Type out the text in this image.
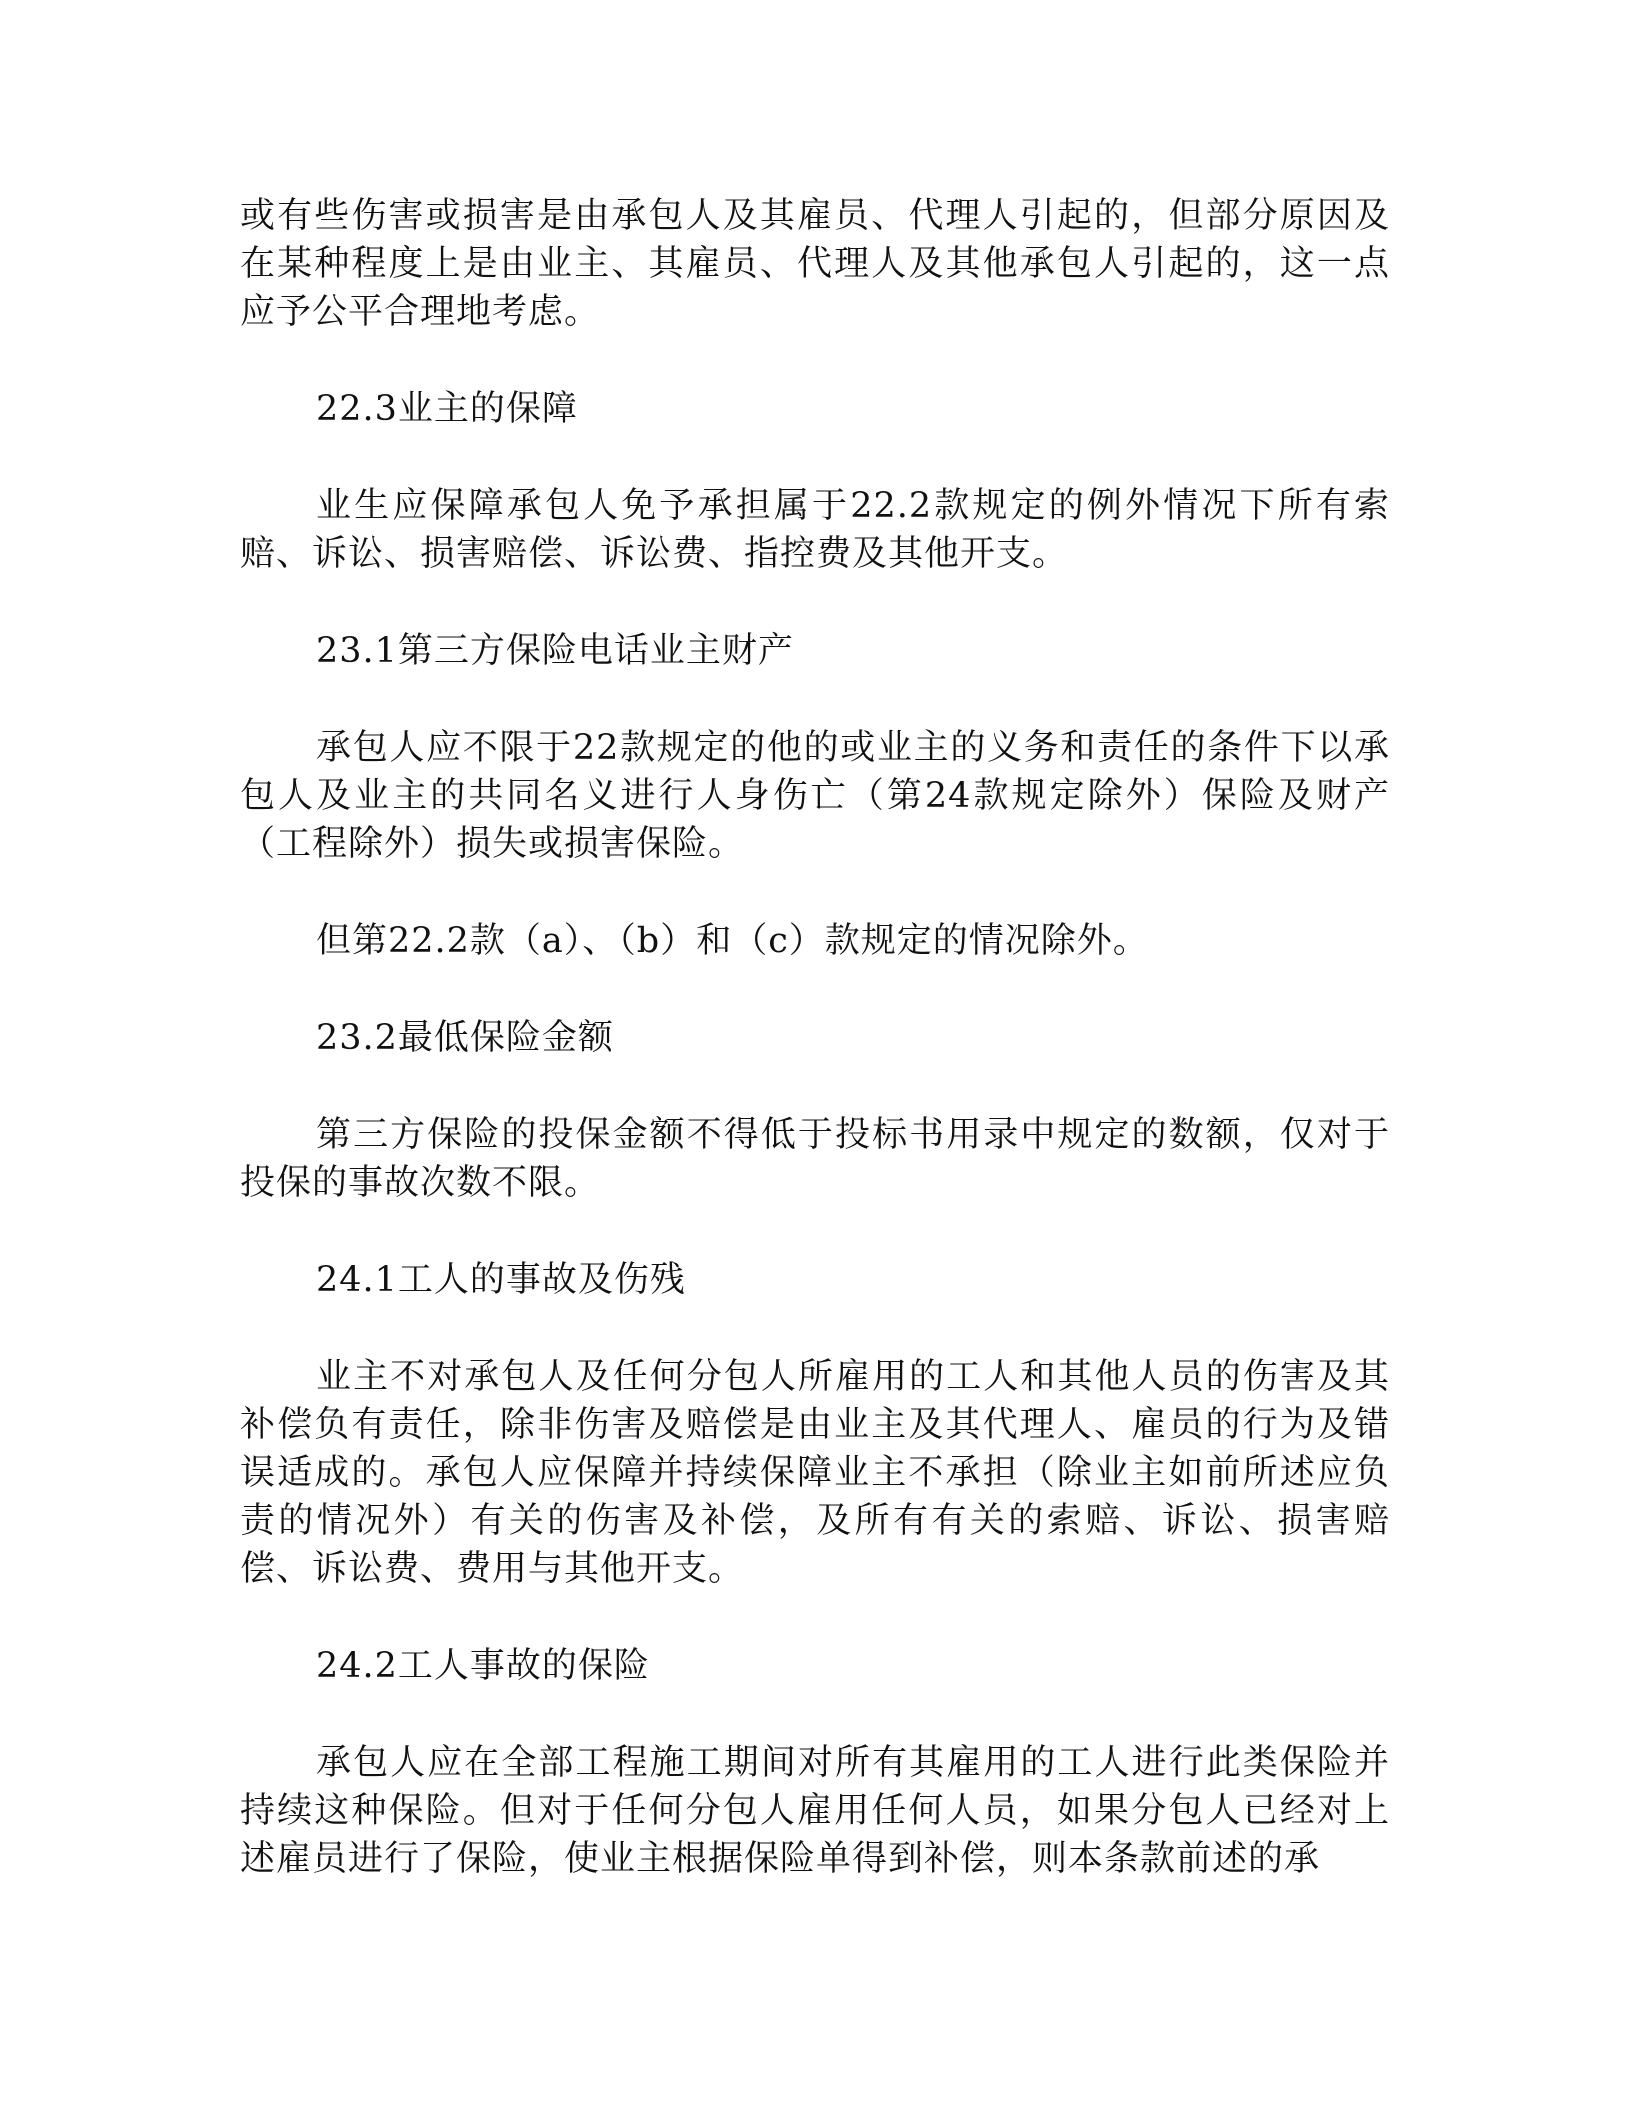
或有些伤害或损害是由承包人及其雇员、代理人引起的，但部分原因及在某种程度上是由业主、其雇员、代理人及其他承包人引起的，这一点应予公平合理地考虑。

22.3业主的保障

业生应保障承包人免予承担属于22.2款规定的例外情况下所有索赔、诉讼、损害赔偿、诉讼费、指控费及其他开支。

23.1第三方保险电话业主财产

承包人应不限于22款规定的他的或业主的义务和责任的条件下以承包人及业主的共同名义进行人身伤亡（第24款规定除外）保险及财产（工程除外）损失或损害保险。

但第22.2款（a）、（b）和（c）款规定的情况除外。

23.2最低保险金额

第三方保险的投保金额不得低于投标书用录中规定的数额，仅对于投保的事故次数不限。

24.1工人的事故及伤残

业主不对承包人及任何分包人所雇用的工人和其他人员的伤害及其补偿负有责任，除非伤害及赔偿是由业主及其代理人、雇员的行为及错误适成的。承包人应保障并持续保障业主不承担（除业主如前所述应负责的情况外）有关的伤害及补偿，及所有有关的索赔、诉讼、损害赔偿、诉讼费、费用与其他开支。

24.2工人事故的保险

承包人应在全部工程施工期间对所有其雇用的工人进行此类保险并持续这种保险。但对于任何分包人雇用任何人员，如果分包人已经对上述雇员进行了保险，使业主根据保险单得到补偿，则本条款前述的承
